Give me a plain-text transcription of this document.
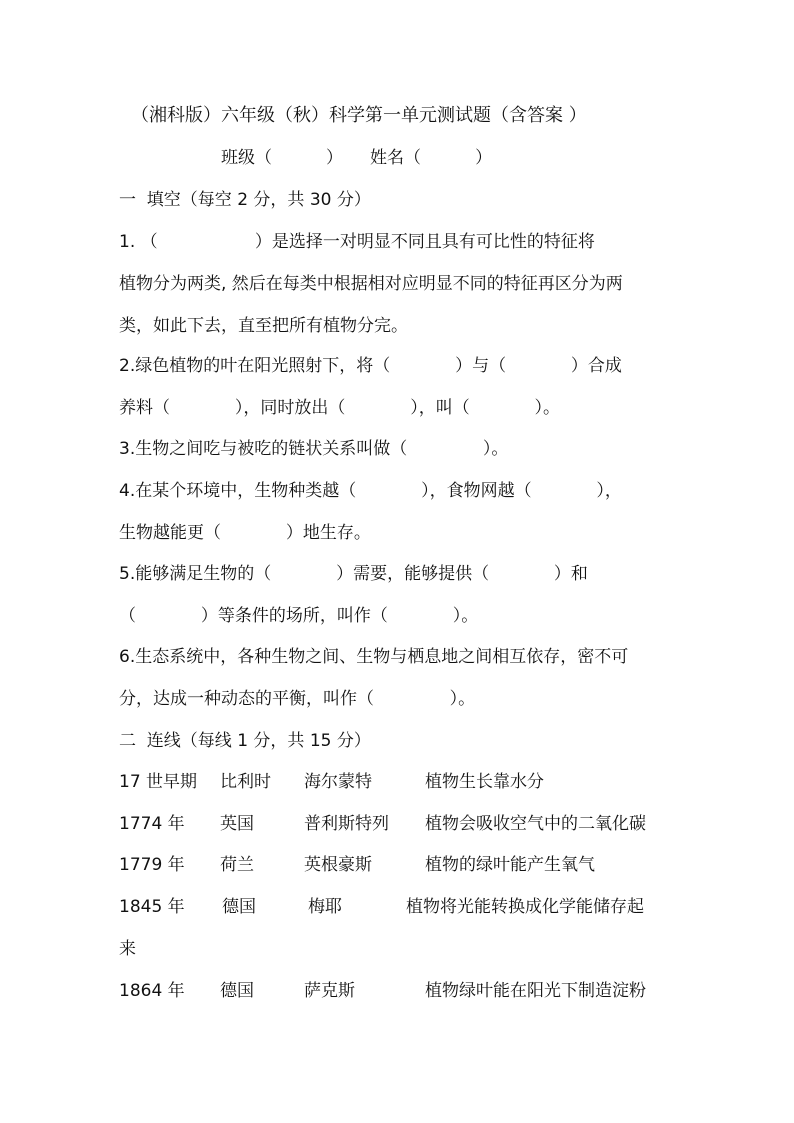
（湘科版）六年级（秋）科学第一单元测试题（含答案 ）
班级（          ）     姓名（          ）
一  填空（每空 2 分，共 30 分）
1. （                  ）是选择一对明显不同且具有可比性的特征将
植物分为两类, 然后在每类中根据相对应明显不同的特征再区分为两
类，如此下去，直至把所有植物分完。
2.绿色植物的叶在阳光照射下，将（            ）与（            ）合成
养料（            ），同时放出（            ），叫（            ）。
3.生物之间吃与被吃的链状关系叫做（              ）。
4.在某个环境中，生物种类越（            ），食物网越（            ），
生物越能更（            ）地生存。
5.能够满足生物的（            ）需要，能够提供（            ）和
（            ）等条件的场所，叫作（            ）。
6.生态系统中，各种生物之间、生物与栖息地之间相互依存，密不可
分，达成一种动态的平衡，叫作（              ）。
二  连线（每线 1 分，共 15 分）
17 世早期 比利时 海尔蒙特	植物生长靠水分
1774 年 英国	普利斯特列 植物会吸收空气中的二氧化碳
1779 年 荷兰	英根豪斯	植物的绿叶能产生氧气
1845 年 德国	梅耶	植物将光能转换成化学能储存起
来
1864 年 德国	萨克斯	植物绿叶能在阳光下制造淀粉
